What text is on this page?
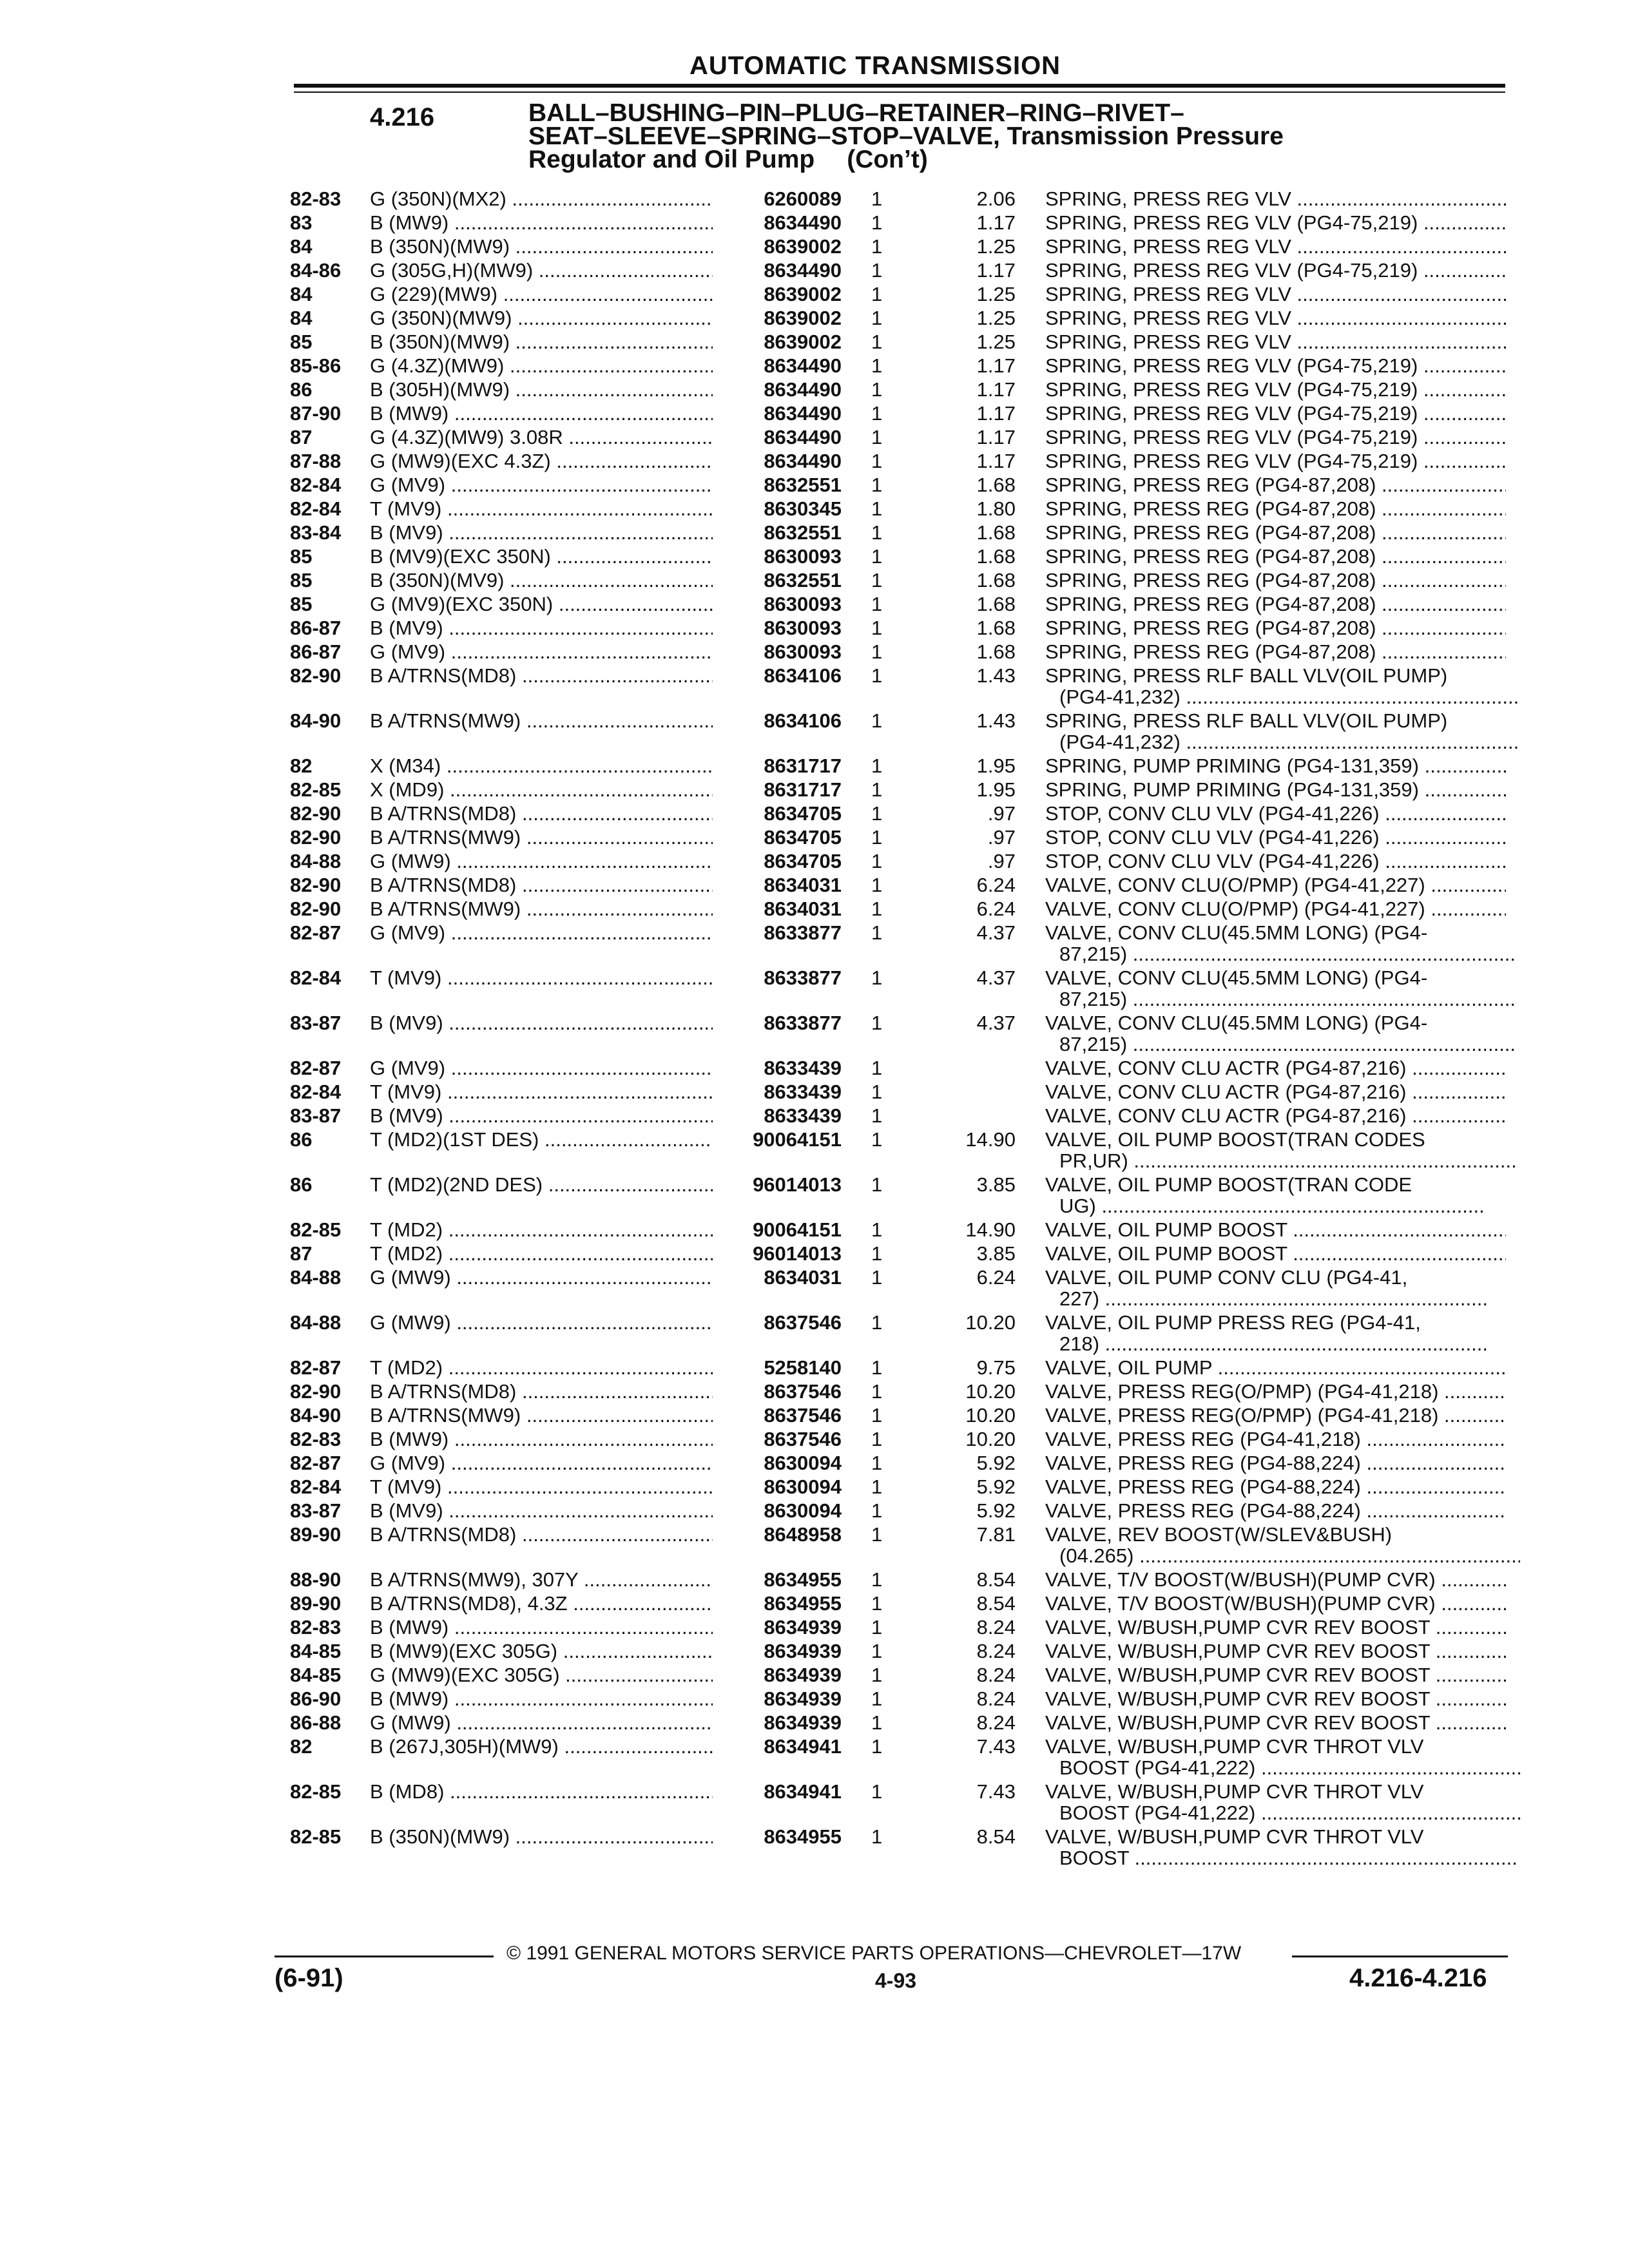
AUTOMATIC TRANSMISSION
4.216	BALL–BUSHING–PIN–PLUG–RETAINER–RING–RIVET–
SEAT–SLEEVE–SPRING–STOP–VALVE, Transmission Pressure
Regulator and Oil Pump (Con’t)
82-83 G (350N)(MX2) .....	6260089 1	2.06 SPRING, PRESS REG VLV .....
83	B (MW9) .....	8634490 1	1.17 SPRING, PRESS REG VLV (PG4-75,219) .....
84	B (350N)(MW9) .....	8639002 1	1.25 SPRING, PRESS REG VLV .....
84-86 G (305G,H)(MW9) .....	8634490 1	1.17 SPRING, PRESS REG VLV (PG4-75,219) .....
84	G (229)(MW9) .....	8639002 1	1.25 SPRING, PRESS REG VLV .....
84	G (350N)(MW9) .....	8639002 1	1.25 SPRING, PRESS REG VLV .....
85	B (350N)(MW9) .....	8639002 1	1.25 SPRING, PRESS REG VLV .....
85-86 G (4.3Z)(MW9) .....	8634490 1	1.17 SPRING, PRESS REG VLV (PG4-75,219) .....
86	B (305H)(MW9) .....	8634490 1	1.17 SPRING, PRESS REG VLV (PG4-75,219) .....
87-90 B (MW9) .....	8634490 1	1.17 SPRING, PRESS REG VLV (PG4-75,219) .....
87	G (4.3Z)(MW9) 3.08R .....	8634490 1	1.17 SPRING, PRESS REG VLV (PG4-75,219) .....
87-88 G (MW9)(EXC 4.3Z) .....	8634490 1	1.17 SPRING, PRESS REG VLV (PG4-75,219) .....
82-84 G (MV9) .....	8632551 1	1.68 SPRING, PRESS REG (PG4-87,208) .....
82-84 T (MV9) .....	8630345 1	1.80 SPRING, PRESS REG (PG4-87,208) .....
83-84 B (MV9) .....	8632551 1	1.68 SPRING, PRESS REG (PG4-87,208) .....
85	B (MV9)(EXC 350N) .....	8630093 1	1.68 SPRING, PRESS REG (PG4-87,208) .....
85	B (350N)(MV9) .....	8632551 1	1.68 SPRING, PRESS REG (PG4-87,208) .....
85	G (MV9)(EXC 350N) .....	8630093 1	1.68 SPRING, PRESS REG (PG4-87,208) .....
86-87 B (MV9) .....	8630093 1	1.68 SPRING, PRESS REG (PG4-87,208) .....
86-87 G (MV9) .....	8630093 1	1.68 SPRING, PRESS REG (PG4-87,208) .....
82-90 B A/TRNS(MD8) .....	8634106 1	1.43 SPRING, PRESS RLF BALL VLV(OIL PUMP)
(PG4-41,232) .....
84-90 B A/TRNS(MW9) .....	8634106 1	1.43 SPRING, PRESS RLF BALL VLV(OIL PUMP)
(PG4-41,232) .....
82	X (M34) .....	8631717 1	1.95 SPRING, PUMP PRIMING (PG4-131,359) .....
82-85 X (MD9) .....	8631717 1	1.95 SPRING, PUMP PRIMING (PG4-131,359) .....
82-90 B A/TRNS(MD8) .....	8634705 1	.97 STOP, CONV CLU VLV (PG4-41,226) .....
82-90 B A/TRNS(MW9) .....	8634705 1	.97 STOP, CONV CLU VLV (PG4-41,226) .....
84-88 G (MW9) .....	8634705 1	.97 STOP, CONV CLU VLV (PG4-41,226) .....
82-90 B A/TRNS(MD8) .....	8634031 1	6.24 VALVE, CONV CLU(O/PMP) (PG4-41,227) .....
82-90 B A/TRNS(MW9) .....	8634031 1	6.24 VALVE, CONV CLU(O/PMP) (PG4-41,227) .....
82-87 G (MV9) .....	8633877 1	4.37 VALVE, CONV CLU(45.5MM LONG) (PG4-
87,215) .....
82-84 T (MV9) .....	8633877 1	4.37 VALVE, CONV CLU(45.5MM LONG) (PG4-
87,215) .....
83-87 B (MV9) .....	8633877 1	4.37 VALVE, CONV CLU(45.5MM LONG) (PG4-
87,215) .....
82-87 G (MV9) .....	8633439 1	VALVE, CONV CLU ACTR (PG4-87,216) .....
82-84 T (MV9) .....	8633439 1	VALVE, CONV CLU ACTR (PG4-87,216) .....
83-87 B (MV9) .....	8633439 1	VALVE, CONV CLU ACTR (PG4-87,216) .....
86	T (MD2)(1ST DES) .....	90064151 1	14.90 VALVE, OIL PUMP BOOST(TRAN CODES
PR,UR) .....
86	T (MD2)(2ND DES) .....	96014013 1	3.85 VALVE, OIL PUMP BOOST(TRAN CODE
UG) .....
82-85 T (MD2) .....	90064151 1	14.90 VALVE, OIL PUMP BOOST .....
87	T (MD2) .....	96014013 1	3.85 VALVE, OIL PUMP BOOST .....
84-88 G (MW9) .....	8634031 1	6.24 VALVE, OIL PUMP CONV CLU (PG4-41,
227) .....
84-88 G (MW9) .....	8637546 1	10.20 VALVE, OIL PUMP PRESS REG (PG4-41,
218) .....
82-87 T (MD2) .....	5258140 1	9.75 VALVE, OIL PUMP .....
82-90 B A/TRNS(MD8) .....	8637546 1	10.20 VALVE, PRESS REG(O/PMP) (PG4-41,218) .....
84-90 B A/TRNS(MW9) .....	8637546 1	10.20 VALVE, PRESS REG(O/PMP) (PG4-41,218) .....
82-83 B (MW9) .....	8637546 1	10.20 VALVE, PRESS REG (PG4-41,218) .....
82-87 G (MV9) .....	8630094 1	5.92 VALVE, PRESS REG (PG4-88,224) .....
82-84 T (MV9) .....	8630094 1	5.92 VALVE, PRESS REG (PG4-88,224) .....
83-87 B (MV9) .....	8630094 1	5.92 VALVE, PRESS REG (PG4-88,224) .....
89-90 B A/TRNS(MD8) .....	8648958 1	7.81 VALVE, REV BOOST(W/SLEV&BUSH)
(04.265) .....
88-90 B A/TRNS(MW9), 307Y .....	8634955 1	8.54 VALVE, T/V BOOST(W/BUSH)(PUMP CVR) .....
89-90 B A/TRNS(MD8), 4.3Z .....	8634955 1	8.54 VALVE, T/V BOOST(W/BUSH)(PUMP CVR) .....
82-83 B (MW9) .....	8634939 1	8.24 VALVE, W/BUSH,PUMP CVR REV BOOST .....
84-85 B (MW9)(EXC 305G) .....	8634939 1	8.24 VALVE, W/BUSH,PUMP CVR REV BOOST .....
84-85 G (MW9)(EXC 305G) .....	8634939 1	8.24 VALVE, W/BUSH,PUMP CVR REV BOOST .....
86-90 B (MW9) .....	8634939 1	8.24 VALVE, W/BUSH,PUMP CVR REV BOOST .....
86-88 G (MW9) .....	8634939 1	8.24 VALVE, W/BUSH,PUMP CVR REV BOOST .....
82	B (267J,305H)(MW9) .....	8634941 1	7.43 VALVE, W/BUSH,PUMP CVR THROT VLV
BOOST (PG4-41,222) .....
82-85 B (MD8) .....	8634941 1	7.43 VALVE, W/BUSH,PUMP CVR THROT VLV
BOOST (PG4-41,222) .....
82-85 B (350N)(MW9) .....	8634955 1	8.54 VALVE, W/BUSH,PUMP CVR THROT VLV
BOOST .....
© 1991 GENERAL MOTORS SERVICE PARTS OPERATIONS—CHEVROLET—17W
(6-91)	4-93	4.216-4.216
